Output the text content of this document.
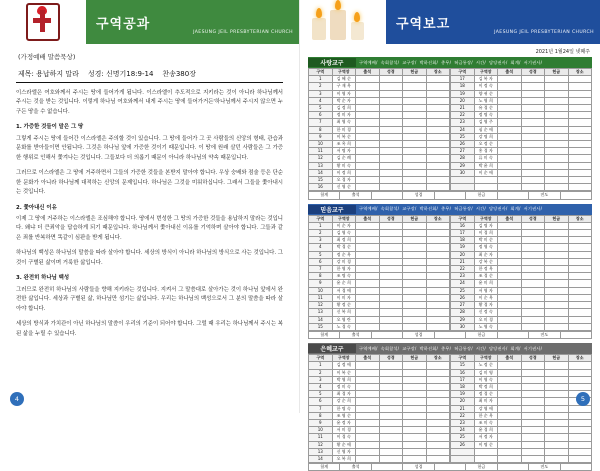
구역공과
JAESUNG JEIL PRESBYTERIAN CHURCH
(가정예배 말씀묵상)
제목: 용납하지 말라 성경: 신명기18:9-14 찬송380장

이스라엘은 여호와께서 주시는 땅에 들어가게 됩니다. 이스라엘이 추도적으로 지키라는 것이 아니라 하나님께서 주시는 것을 받는 것입니다. 이렇게 하나님 여호와께서 내게 주시는 땅에 들어가거든'하나님께서 주시지 않으면 누구든 땅을 수 없습니다.

1. 가증한 것들이 말은 그 땅

그렇게 주시는 땅에 들어간 이스라엘은 주의할 것이 있습니다. 그 땅에 들어가 그 곳 사람들의 신앙의 형태, 관습과 문화를 받아들이면 안됩니다. 그것은 하나님 앞에 가증한 것이기 때문입니다. 이 땅에 원래 살던 사람들은 그 가증한 행위로 인해서 쫓겨나는 것입니다. 그들보다 더 의롭기 때문이 아니라 하나님의 약속 때문입니다.

그러므로 이스라엘은 그 땅에 거주하면서 그들의 가증한 것들을 본받지 말아야 합니다. 우상 숭배와 점술 등은 단순한 문화가 아니라 하나님께 대적하는 신앙의 문제입니다. 하나님은 그것을 미워하십니다. 그래서 그들을 쫓아내시는 것입니다.

2. 쫓아내신 이유

이제 그 땅에 거주하는 이스라엘은 조심해야 합니다. 땅에서 번성한 그 땅의 가증한 것들을 용납하지 말라는 것입니다. 왜냐 더 큰죄악을 답습하게 되기 때문입니다. 하나님께서 쫓아내신 이유를 기억하며 살아야 합니다. 그들과 같은 죄를 반복하면 똑같이 심판을 받게 됩니다.

하나님의 백성은 하나님의 말씀을 따라 살아야 합니다. 세상의 방식이 아니라 하나님의 방식으로 사는 것입니다. 그것이 구별된 삶이며 거룩한 삶입니다.

3. 완전히 하나님 백성

그러므로 완전히 하나님의 사람들을 향해 지키라는 것입니다. 지켜서 그 말씀대로 살아가는 것이 하나님 앞에서 완전한 삶입니다. 세상과 구별된 삶, 하나님만 섬기는 삶입니다. 우리는 하나님의 백성으로서 그 분의 말씀을 따라 살아야 합니다.

세상의 방식과 가치관이 아닌 하나님의 말씀이 우리의 기준이 되어야 합니다. 그럴 때 우리는 하나님께서 주시는 복된 삶을 누릴 수 있습니다.

4
구역보고
JAESUNG JEIL PRESBYTERIAN CHURCH
2021년 1월24일 넷째주
사랑교구	구역예배/ 속회참석/ 교구장/ 박하선회/ 총무/ 허금통장/ 시간/ 담당권사/ 회계/ 서기권사/
구역	구역장	출석	성경	헌금	장소
1	김 혜 순				
2	구 재 옥				
3	이 영 자				
4	박 순 자				
5	김 정 희				
6	정 미 자				
7	최 영 숙				
8	한 미 경				
9	이 복 순				
10	조 옥 희				
11	서 명 자				
12	김 순 례				
13	황 미 숙				
14	이 정 희				
15	오 경 자				
16	신 영 순				
구역	구역장	출석	성경	헌금	장소
17	김 복 자				
18	이 정 숙				
19	양 귀 순				
20	노 영 희				
21	유 경 순				
22	정 명 숙				
23	김 영 주				
24	심 순 애				
25	강 명 희				
26	오 정 순				
27	홍 경 자				
28	류 미 숙				
29	박 윤 희				
30	이 순 애				

합계	출석		성경		헌금		전도	
믿음교구	구역예배/ 속회참석/ 교구장/ 박하선회/ 총무/ 허금통장/ 시간/ 담당권사/ 회계/ 서기권사/
구역	구역장	출석	성경	헌금	장소
1	이 순 자				
2	김 영 숙				
3	최 정 희				
4	박 경 순				
5	정 순 옥				
6	강 미 경				
7	한 영 자				
8	조 명 숙				
9	윤 순 희				
10	서 경 애				
11	이 미 자				
12	황 정 순				
13	신 복 희				
14	오 영 란				
15	노 경 숙				
구역	구역장	출석	성경	헌금	장소
16	김 명 자				
17	이 경 희				
18	박 미 순				
19	정 영 숙				
20	최 순 자				
21	강 복 순				
22	한 정 옥				
23	조 경 순				
24	윤 미 희				
25	서 영 자				
26	이 순 옥				
27	황 경 자				
28	신 정 숙				
29	오 미 경				
30	노 영 숙				
합계	출석		성경		헌금		전도	
은혜교구	구역예배/ 속회참석/ 교구장/ 박하선회/ 총무/ 허금통장/ 시간/ 담당권사/ 회계/ 서기권사/
구역	구역장	출석	성경	헌금	장소
1	김 정 애				
2	이 복 순				
3	박 영 희				
4	정 미 숙				
5	최 경 자				
6	강 순 희				
7	한 명 숙				
8	조 영 순				
9	윤 정 자				
10	서 미 경				
11	이 경 숙				
12	황 순 애				
13	신 영 자				
14	오 복 희				
구역	구역장	출석	성경	헌금	장소
15	노 정 순				
16	김 미 영				
17	이 영 숙				
18	박 정 희				
19	정 경 순				
20	최 미 자				
21	강 영 애				
22	한 순 옥				
23	조 미 숙				
24	윤 경 희				
25	서 정 자				
26	이 명 순				

합계	출석		성경		헌금		전도	
5
